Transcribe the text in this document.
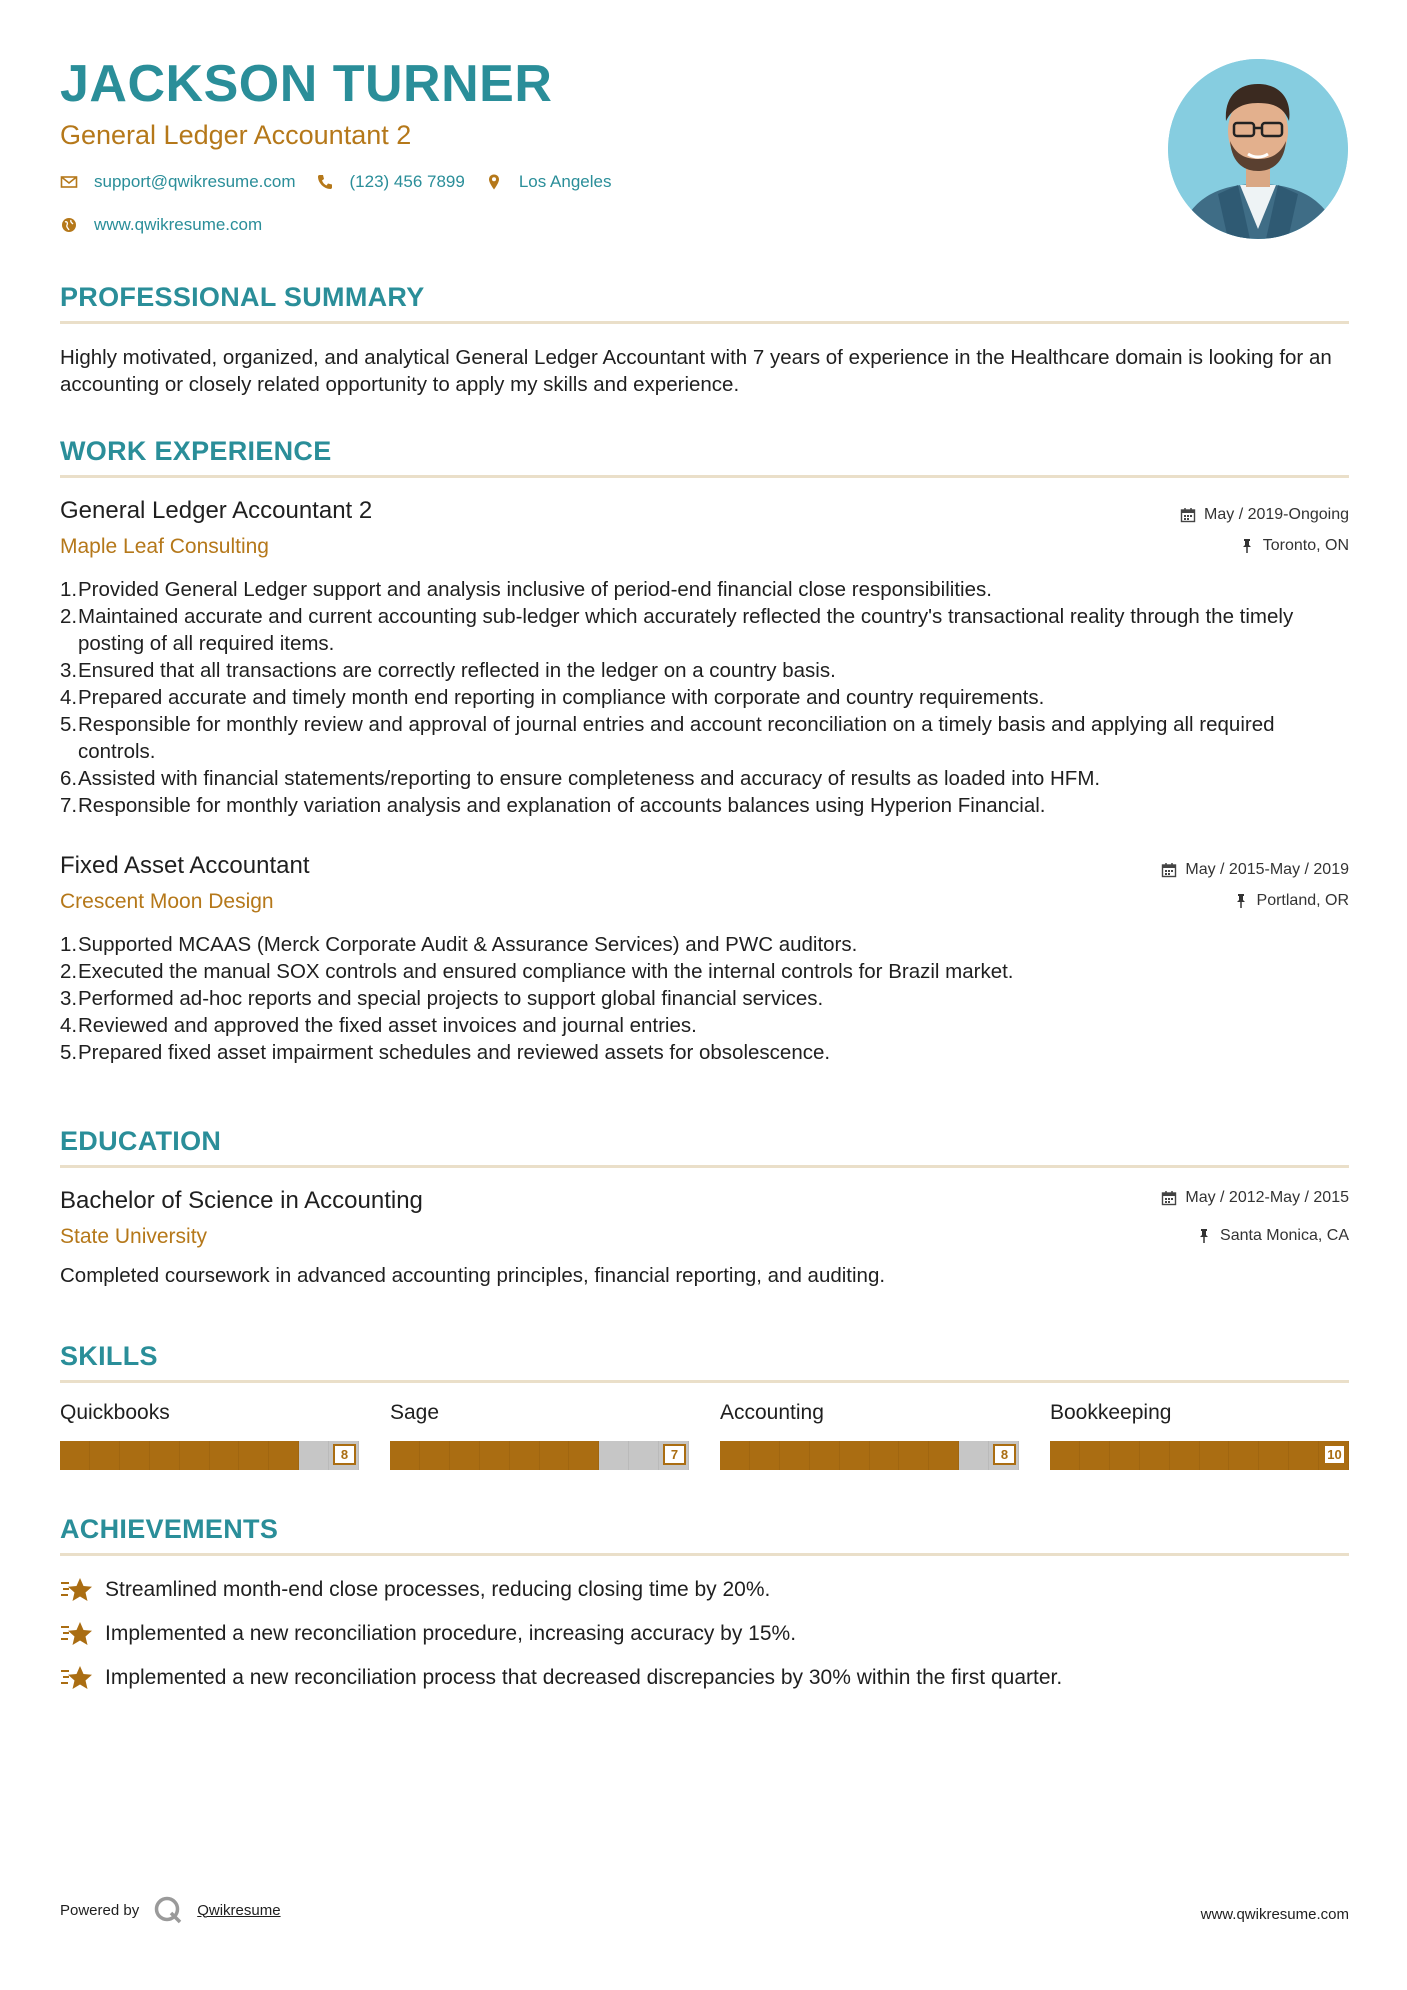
JACKSON TURNER
General Ledger Accountant 2
support@qwikresume.com	(123) 456 7899	Los Angeles
www.qwikresume.com
PROFESSIONAL SUMMARY
Highly motivated, organized, and analytical General Ledger Accountant with 7 years of experience in the Healthcare domain is looking for an accounting or closely related opportunity to apply my skills and experience.
WORK EXPERIENCE
General Ledger Accountant 2	May / 2019-Ongoing
Maple Leaf Consulting	Toronto, ON
Provided General Ledger support and analysis inclusive of period-end financial close responsibilities.
Maintained accurate and current accounting sub-ledger which accurately reflected the country's transactional reality through the timely posting of all required items.
Ensured that all transactions are correctly reflected in the ledger on a country basis.
Prepared accurate and timely month end reporting in compliance with corporate and country requirements.
Responsible for monthly review and approval of journal entries and account reconciliation on a timely basis and applying all required controls.
Assisted with financial statements/reporting to ensure completeness and accuracy of results as loaded into HFM.
Responsible for monthly variation analysis and explanation of accounts balances using Hyperion Financial.
Fixed Asset Accountant	May / 2015-May / 2019
Crescent Moon Design	Portland, OR
Supported MCAAS (Merck Corporate Audit & Assurance Services) and PWC auditors.
Executed the manual SOX controls and ensured compliance with the internal controls for Brazil market.
Performed ad-hoc reports and special projects to support global financial services.
Reviewed and approved the fixed asset invoices and journal entries.
Prepared fixed asset impairment schedules and reviewed assets for obsolescence.
EDUCATION
Bachelor of Science in Accounting	May / 2012-May / 2015
State University	Santa Monica, CA
Completed coursework in advanced accounting principles, financial reporting, and auditing.
SKILLS
Quickbooks
8
Sage
7
Accounting
8
Bookkeeping
10
ACHIEVEMENTS
Streamlined month-end close processes, reducing closing time by 20%.
Implemented a new reconciliation procedure, increasing accuracy by 15%.
Implemented a new reconciliation process that decreased discrepancies by 30% within the first quarter.
Powered by	Qwikresume	www.qwikresume.com
